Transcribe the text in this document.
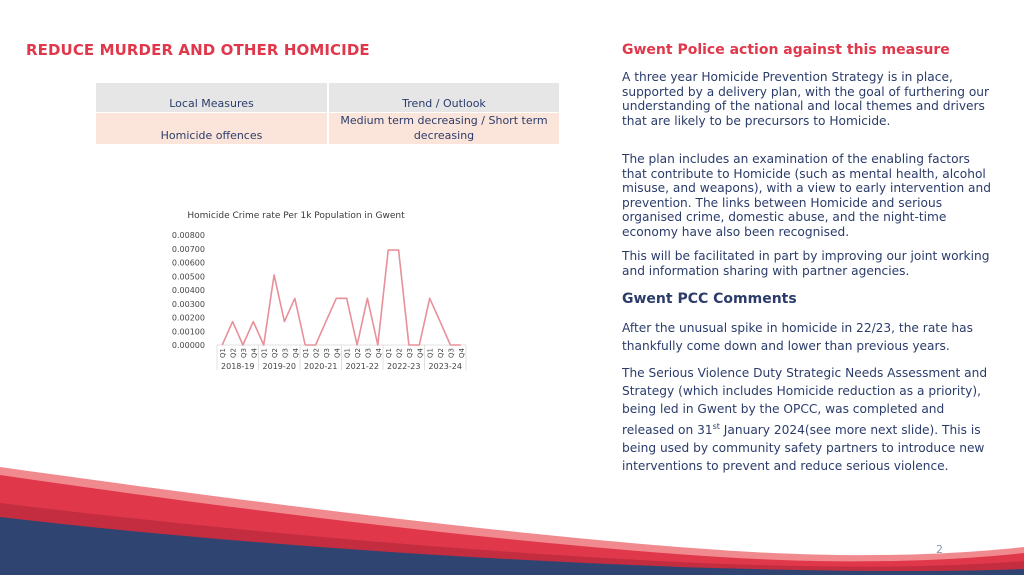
REDUCE MURDER AND OTHER HOMICIDE
Local Measures	Trend / Outlook
Homicide offences	Medium term decreasing / Short term decreasing
Homicide Crime rate Per 1k Population in Gwent
0.00000
0.00100
0.00200
0.00300
0.00400
0.00500
0.00600
0.00700
0.00800
Q1 Q2 Q3 Q4 Q1 Q2 Q3 Q4 Q1 Q2 Q3 Q4 Q1 Q2 Q3 Q4 Q1 Q2 Q3 Q4 Q1 Q2 Q3 Q4
2018-19 2019-20 2020-21 2021-22 2022-23 2023-24
Gwent Police action against this measure
A three year Homicide Prevention Strategy is in place, supported by a delivery plan, with the goal of furthering our understanding of the national and local themes and drivers that are likely to be precursors to Homicide.
The plan includes an examination of the enabling factors that contribute to Homicide (such as mental health, alcohol misuse, and weapons), with a view to early intervention and prevention. The links between Homicide and serious organised crime, domestic abuse, and the night-time economy have also been recognised.
This will be facilitated in part by improving our joint working and information sharing with partner agencies.
Gwent PCC Comments
After the unusual spike in homicide in 22/23, the rate has thankfully come down and lower than previous years.
The Serious Violence Duty Strategic Needs Assessment and Strategy (which includes Homicide reduction as a priority), being led in Gwent by the OPCC, was completed and released on 31st January 2024(see more next slide). This is being used by community safety partners to introduce new interventions to prevent and reduce serious violence.
2
